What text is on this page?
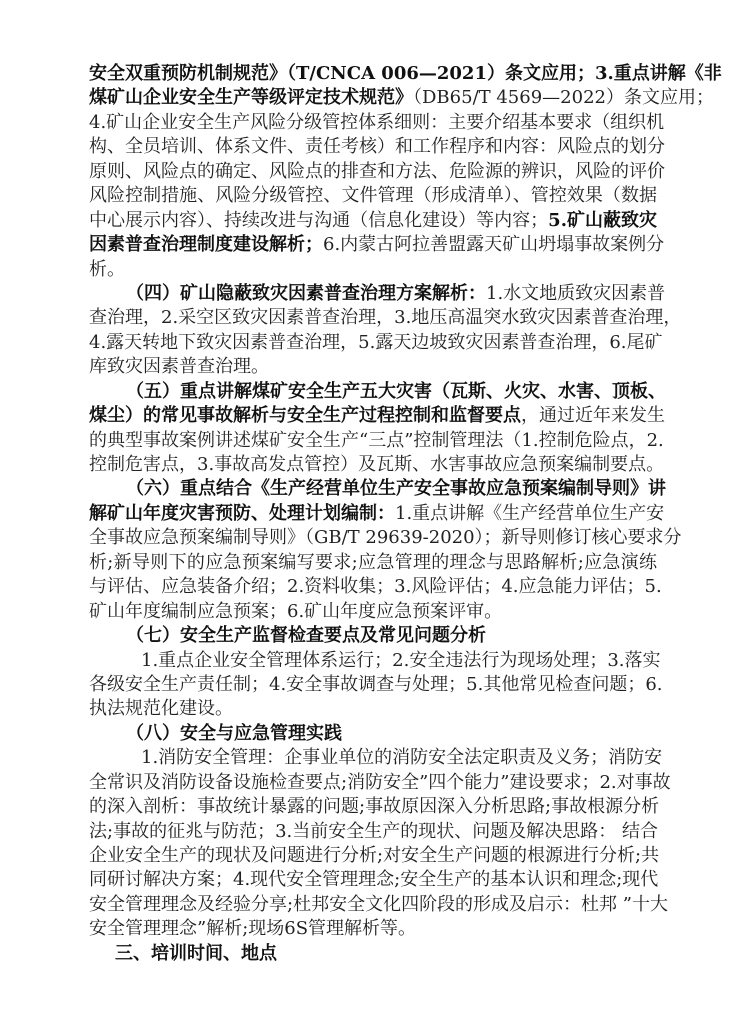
安全双重预防机制规范》（T/CNCA 006—2021）条文应用；3.重点讲解《非
煤矿山企业安全生产等级评定技术规范》（DB65/T 4569—2022）条文应用；
4.矿山企业安全生产风险分级管控体系细则：主要介绍基本要求（组织机
构、全员培训、体系文件、责任考核）和工作程序和内容：风险点的划分
原则、风险点的确定、风险点的排查和方法、危险源的辨识，风险的评价
风险控制措施、风险分级管控、文件管理（形成清单）、管控效果（数据
中心展示内容）、持续改进与沟通（信息化建设）等内容；5.矿山蔽致灾
因素普查治理制度建设解析；6.内蒙古阿拉善盟露天矿山坍塌事故案例分
析。
（四）矿山隐蔽致灾因素普查治理方案解析：1.水文地质致灾因素普
查治理，2.采空区致灾因素普查治理，3.地压高温突水致灾因素普查治理，
4.露天转地下致灾因素普查治理，5.露天边坡致灾因素普查治理，6.尾矿
库致灾因素普查治理。
（五）重点讲解煤矿安全生产五大灾害（瓦斯、火灾、水害、顶板、
煤尘）的常见事故解析与安全生产过程控制和监督要点，通过近年来发生
的典型事故案例讲述煤矿安全生产“三点”控制管理法（1.控制危险点，2.
控制危害点，3.事故高发点管控）及瓦斯、水害事故应急预案编制要点。
（六）重点结合《生产经营单位生产安全事故应急预案编制导则》讲
解矿山年度灾害预防、处理计划编制：1.重点讲解《生产经营单位生产安
全事故应急预案编制导则》（GB/T 29639-2020）；新导则修订核心要求分
析;新导则下的应急预案编写要求;应急管理的理念与思路解析;应急演练
与评估、应急装备介绍；2.资料收集；3.风险评估；4.应急能力评估；5.
矿山年度编制应急预案；6.矿山年度应急预案评审。
（七）安全生产监督检查要点及常见问题分析
1.重点企业安全管理体系运行；2.安全违法行为现场处理；3.落实
各级安全生产责任制；4.安全事故调查与处理；5.其他常见检查问题；6.
执法规范化建设。
（八）安全与应急管理实践
1.消防安全管理：企事业单位的消防安全法定职责及义务；消防安
全常识及消防设备设施检查要点;消防安全”四个能力”建设要求；2.对事故
的深入剖析：事故统计暴露的问题;事故原因深入分析思路;事故根源分析
法;事故的征兆与防范；3.当前安全生产的现状、问题及解决思路： 结合
企业安全生产的现状及问题进行分析;对安全生产问题的根源进行分析;共
同研讨解决方案；4.现代安全管理理念;安全生产的基本认识和理念;现代
安全管理理念及经验分享;杜邦安全文化四阶段的形成及启示：杜邦 ”十大
安全管理理念”解析;现场6S管理解析等。
三、培训时间、地点
